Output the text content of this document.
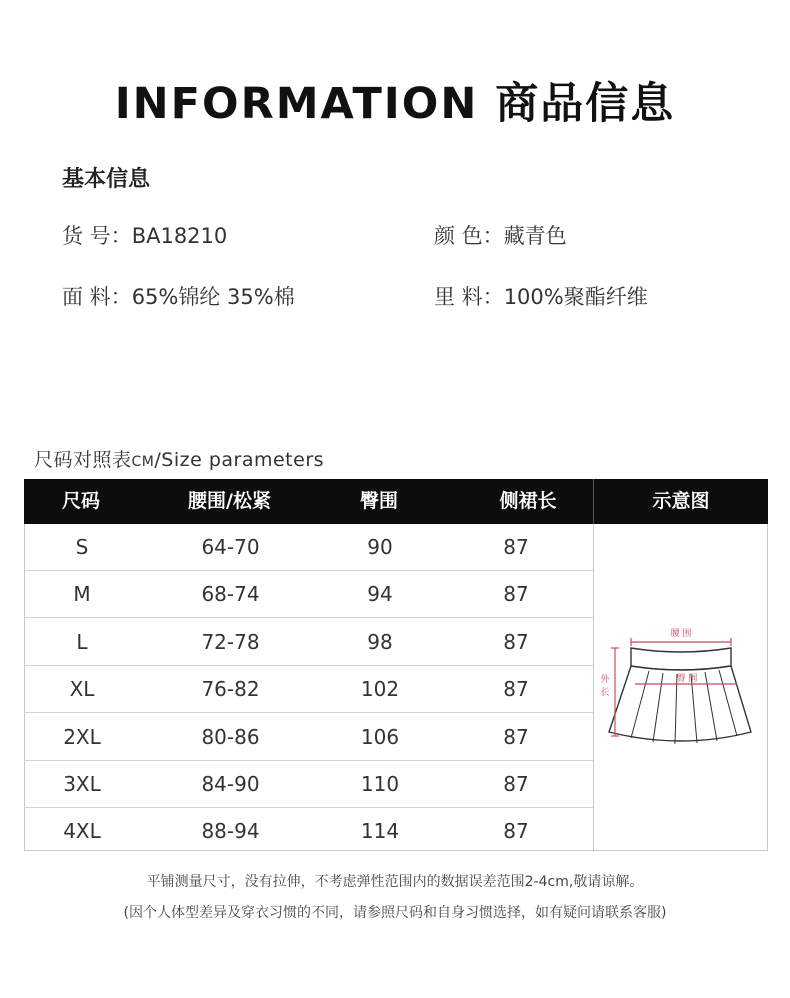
INFORMATION 商品信息
基本信息
货 号：BA18210	颜 色：藏青色
面 料：65%锦纶 35%棉	里 料：100%聚酯纤维
尺码对照表CM/Size parameters
尺码	腰围/松紧	臀围	侧裙长	示意图
S	64-70	90	87
M	68-74	94	87
L	72-78	98	87
XL	76-82	102	87
2XL	80-86	106	87
3XL	84-90	110	87
4XL	88-94	114	87
腰 围
臀 围
外
长
平铺测量尺寸，没有拉伸，不考虑弹性范围内的数据误差范围2-4cm,敬请谅解。
(因个人体型差异及穿衣习惯的不同，请参照尺码和自身习惯选择，如有疑问请联系客服)
